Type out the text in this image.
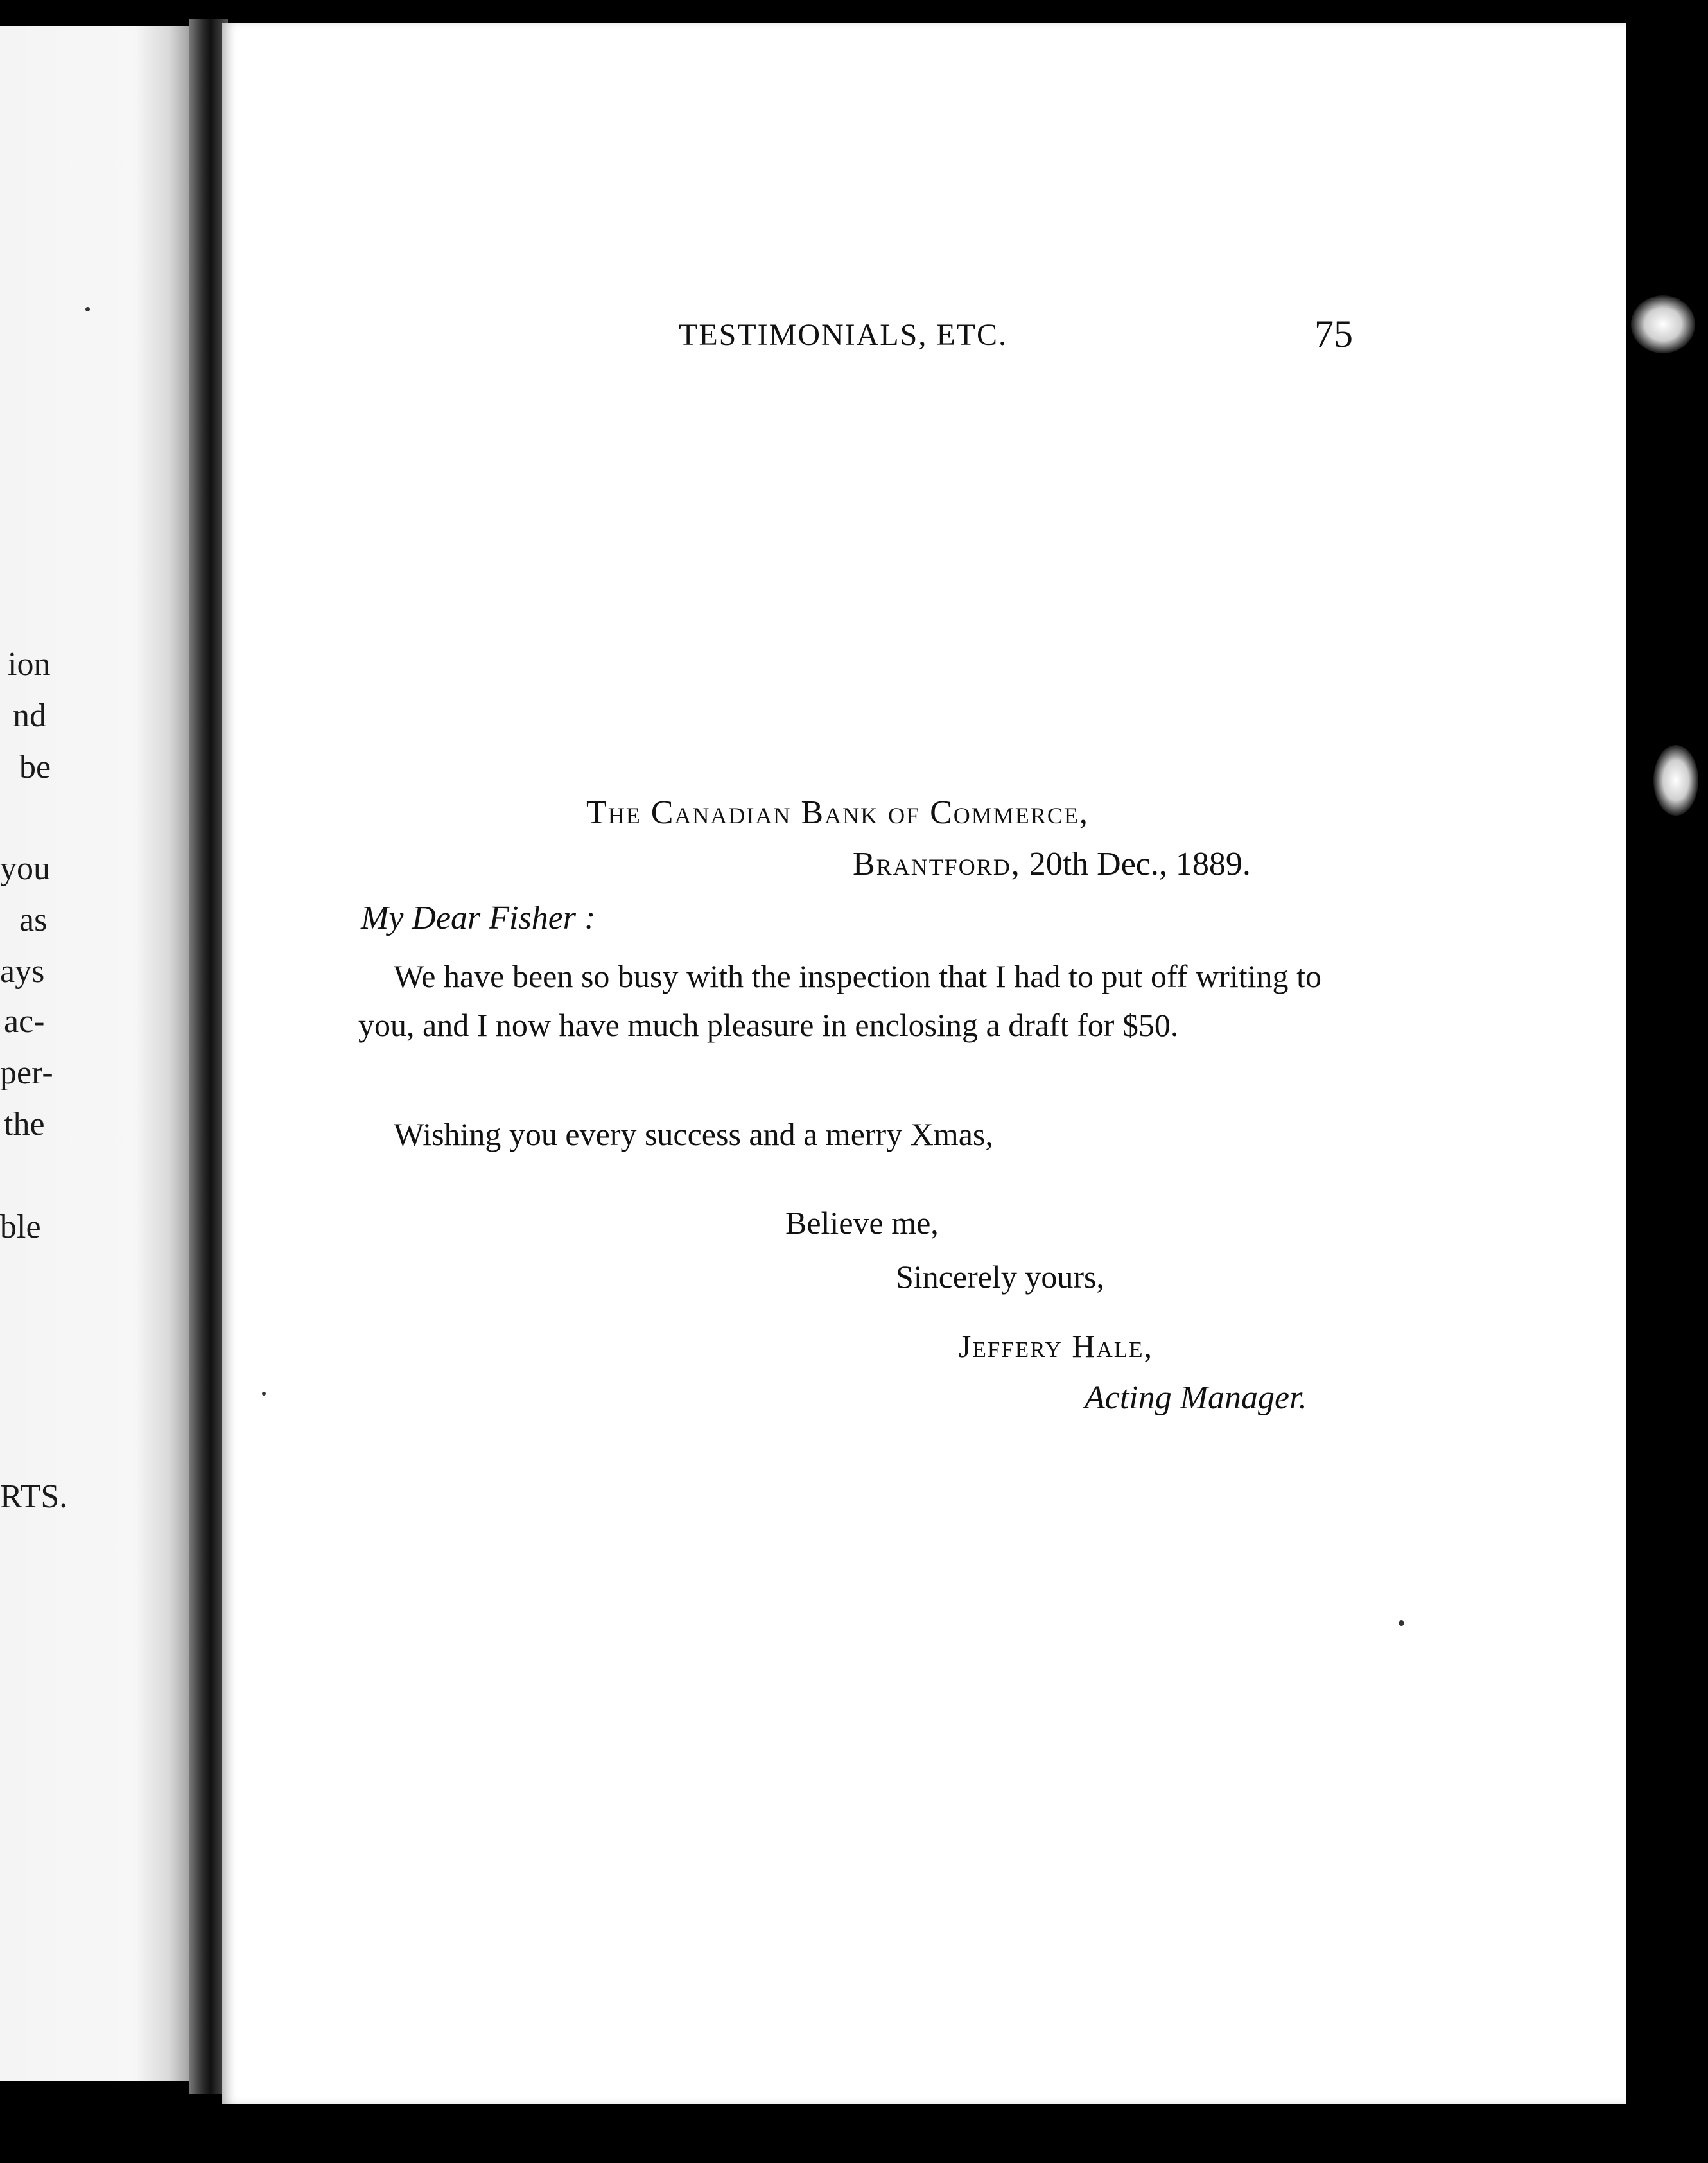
ion
nd
be
you
as
ays
ac-
per-
the
ble
RTS.
TESTIMONIALS, ETC.	75
The Canadian Bank of Commerce,
Brantford, 20th Dec., 1889.
My Dear Fisher :
We have been so busy with the inspection that I had to put off writing to you, and I now have much pleasure in enclosing a draft for $50.
Wishing you every success and a merry Xmas,
Believe me,
Sincerely yours,
Jeffery Hale,
Acting Manager.
